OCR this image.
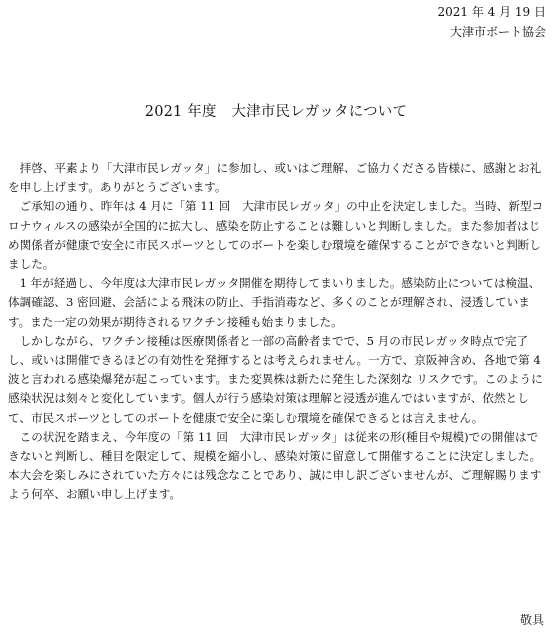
2021 年 4 月 19 日
大津市ボート協会
2021 年度　大津市民レガッタについて

拝啓、平素より「大津市民レガッタ」に参加し、或いはご理解、ご協力くださる皆様に、感謝とお礼を申し上げます。ありがとうございます。

ご承知の通り、昨年は 4 月に「第 11 回　大津市民レガッタ」の中止を決定しました。当時、新型コロナウィルスの感染が全国的に拡大し、感染を防止することは難しいと判断しました。また参加者はじめ関係者が健康で安全に市民スポーツとしてのボートを楽しむ環境を確保することができないと判断しました。

1 年が経過し、今年度は大津市民レガッタ開催を期待してまいりました。感染防止については検温、体調確認、3 密回避、会話による飛沫の防止、手指消毒など、多くのことが理解され、浸透しています。また一定の効果が期待されるワクチン接種も始まりました。

しかしながら、ワクチン接種は医療関係者と一部の高齢者までで、5 月の市民レガッタ時点で完了し、或いは開催できるほどの有効性を発揮するとは考えられません。一方で、京阪神含め、各地で第 4 波と言われる感染爆発が起こっています。また変異株は新たに発生した深刻な リスクです。このように感染状況は刻々と変化しています。個人が行う感染対策は理解と浸透が進んではいますが、依然として、市民スポーツとしてのボートを健康で安全に楽しむ環境を確保できるとは言えません。

この状況を踏まえ、今年度の「第 11 回　大津市民レガッタ」は従来の形(種目や規模)での開催はできないと判断し、種目を限定して、規模を縮小し、感染対策に留意して開催することに決定しました。本大会を楽しみにされていた方々には残念なことであり、誠に申し訳ございませんが、ご理解賜りますよう何卒、お願い申し上げます。

敬具
